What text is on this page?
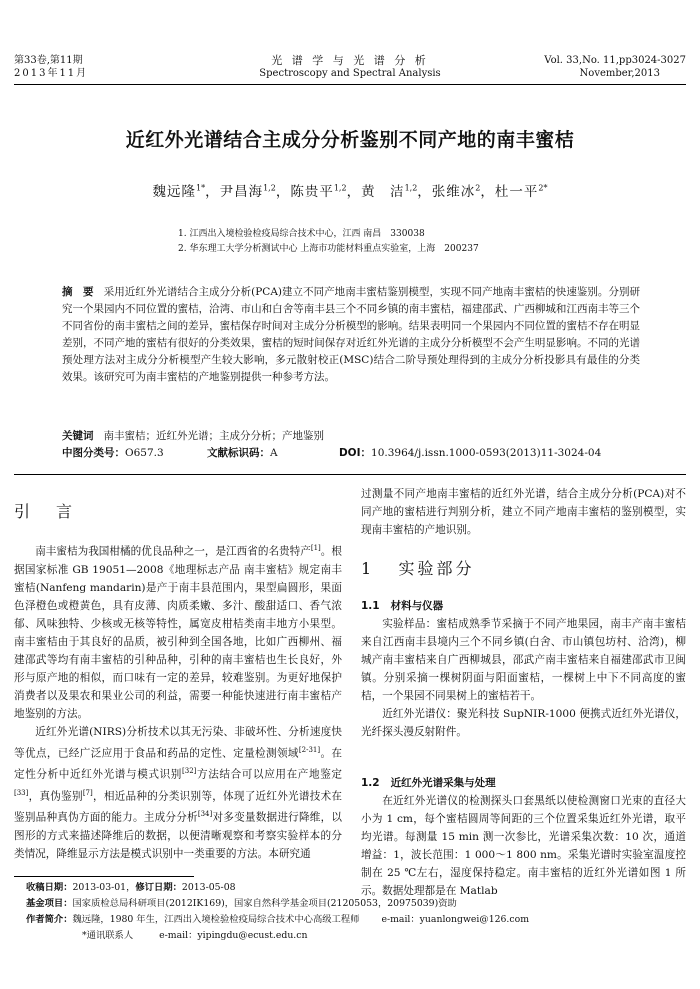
第33卷,第11期
2013年11月
光 谱 学 与 光 谱 分 析
Spectroscopy and Spectral Analysis
Vol. 33,No. 11,pp3024-3027
November,2013
近红外光谱结合主成分分析鉴别不同产地的南丰蜜桔
魏远隆$^{1*}$，尹昌海$^{1,2}$，陈贵平$^{1,2}$，黄　洁$^{1,2}$，张维冰$^2$，杜一平$^{2*}$
1. 江西出入境检验检疫局综合技术中心，江西 南昌　330038
2. 华东理工大学分析测试中心 上海市功能材料重点实验室，上海　200237
摘　要 采用近红外光谱结合主成分分析(PCA)建立不同产地南丰蜜桔鉴别模型，实现不同产地南丰蜜桔的快速鉴别。分别研究一个果园内不同位置的蜜桔，洽湾、市山和白舍等南丰县三个不同乡镇的南丰蜜桔，福建邵武、广西柳城和江西南丰等三个不同省份的南丰蜜桔之间的差异，蜜桔保存时间对主成分分析模型的影响。结果表明同一个果园内不同位置的蜜桔不存在明显差别，不同产地的蜜桔有很好的分类效果，蜜桔的短时间保存对近红外光谱的主成分分析模型不会产生明显影响。不同的光谱预处理方法对主成分分析模型产生较大影响，多元散射校正(MSC)结合二阶导预处理得到的主成分分析投影具有最佳的分类效果。该研究可为南丰蜜桔的产地鉴别提供一种参考方法。
关键词 南丰蜜桔；近红外光谱；主成分分析；产地鉴别
中图分类号：O657.3	文献标识码：A	DOI：10.3964/j.issn.1000-0593(2013)11-3024-04
引　言

南丰蜜桔为我国柑橘的优良品种之一，是江西省的名贵特产[1]。根据国家标准 GB 19051—2008《地理标志产品 南丰蜜桔》规定南丰蜜桔(Nanfeng mandarin)是产于南丰县范围内，果型扁圆形，果面色泽橙色或橙黄色，具有皮薄、肉质柔嫩、多汁、酸甜适口、香气浓郁、风味独特、少核或无核等特性，属宽皮柑桔类南丰地方小果型。南丰蜜桔由于其良好的品质，被引种到全国各地，比如广西柳州、福建邵武等均有南丰蜜桔的引种品种，引种的南丰蜜桔也生长良好，外形与原产地的相似，而口味有一定的差异，较难鉴别。为更好地保护消费者以及果农和果业公司的利益，需要一种能快速进行南丰蜜桔产地鉴别的方法。

近红外光谱(NIRS)分析技术以其无污染、非破坏性、分析速度快等优点，已经广泛应用于食品和药品的定性、定量检测领域[2-31]。在定性分析中近红外光谱与模式识别[32]方法结合可以应用在产地鉴定[33]，真伪鉴别[7]，相近品种的分类识别等，体现了近红外光谱技术在鉴别品种真伪方面的能力。主成分分析[34]对多变量数据进行降维，以图形的方式来描述降维后的数据，以便清晰观察和考察实验样本的分类情况，降维显示方法是模式识别中一类重要的方法。本研究通

过测量不同产地南丰蜜桔的近红外光谱，结合主成分分析(PCA)对不同产地的蜜桔进行判别分析，建立不同产地南丰蜜桔的鉴别模型，实现南丰蜜桔的产地识别。

1 实验部分
1.1 材料与仪器

实验样品：蜜桔成熟季节采摘于不同产地果园，南丰产南丰蜜桔来自江西南丰县境内三个不同乡镇(白舍、市山镇包坊村、洽湾)，柳城产南丰蜜桔来自广西柳城县，邵武产南丰蜜桔来自福建邵武市卫闽镇。分别采摘一棵树阴面与阳面蜜桔，一棵树上中下不同高度的蜜桔，一个果园不同果树上的蜜桔若干。

近红外光谱仪：聚光科技 SupNIR-1000 便携式近红外光谱仪，光纤探头漫反射附件。

1.2 近红外光谱采集与处理

在近红外光谱仪的检测探头口套黑纸以使检测窗口光束的直径大小为 1 cm，每个蜜桔圆周等间距的三个位置采集近红外光谱，取平均光谱。每测量 15 min 测一次参比，光谱采集次数：10 次，通道增益：1，波长范围：1 000～1 800 nm。采集光谱时实验室温度控制在 25 ℃左右，湿度保持稳定。南丰蜜桔的近红外光谱如图 1 所示。数据处理都是在 Matlab

收稿日期：2013-03-01，修订日期：2013-05-08
基金项目：国家质检总局科研项目(2012IK169)，国家自然科学基金项目(21205053，20975039)资助
作者简介：魏远隆，1980 年生，江西出入境检验检疫局综合技术中心高级工程师 e-mail：yuanlongwei@126.com
*通讯联系人	e-mail：yipingdu@ecust.edu.cn
